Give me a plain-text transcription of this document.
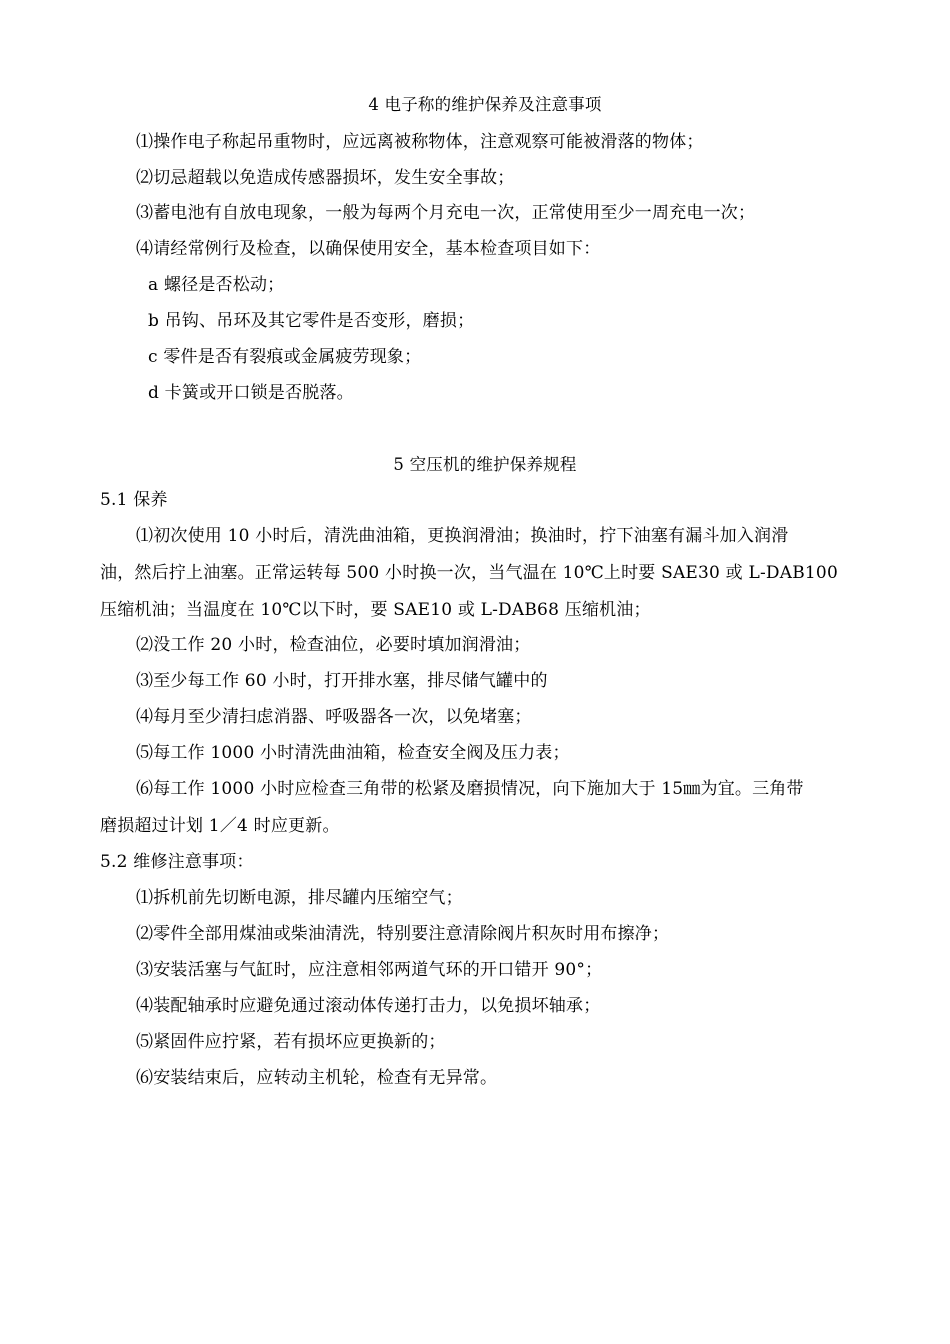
4 电子称的维护保养及注意事项
⑴操作电子称起吊重物时，应远离被称物体，注意观察可能被滑落的物体；
⑵切忌超载以免造成传感器损坏，发生安全事故；
⑶蓄电池有自放电现象，一般为每两个月充电一次，正常使用至少一周充电一次；
⑷请经常例行及检查，以确保使用安全，基本检查项目如下：
a 螺径是否松动；
b 吊钩、吊环及其它零件是否变形，磨损；
c 零件是否有裂痕或金属疲劳现象；
d 卡簧或开口锁是否脱落。
5 空压机的维护保养规程
5.1 保养
⑴初次使用 10 小时后，清洗曲油箱，更换润滑油；换油时，拧下油塞有漏斗加入润滑
油，然后拧上油塞。正常运转每 500 小时换一次，当气温在 10℃上时要 SAE30 或 L-DAB100
压缩机油；当温度在 10℃以下时，要 SAE10 或 L-DAB68 压缩机油；
⑵没工作 20 小时，检查油位，必要时填加润滑油；
⑶至少每工作 60 小时，打开排水塞，排尽储气罐中的
⑷每月至少清扫虑消器、呼吸器各一次，以免堵塞；
⑸每工作 1000 小时清洗曲油箱，检查安全阀及压力表；
⑹每工作 1000 小时应检查三角带的松紧及磨损情况，向下施加大于 15㎜为宜。三角带
磨损超过计划 1／4 时应更新。
5.2 维修注意事项：
⑴拆机前先切断电源，排尽罐内压缩空气；
⑵零件全部用煤油或柴油清洗，特别要注意清除阀片积灰时用布擦净；
⑶安装活塞与气缸时，应注意相邻两道气环的开口错开 90°；
⑷装配轴承时应避免通过滚动体传递打击力，以免损坏轴承；
⑸紧固件应拧紧，若有损坏应更换新的；
⑹安装结束后，应转动主机轮，检查有无异常。
